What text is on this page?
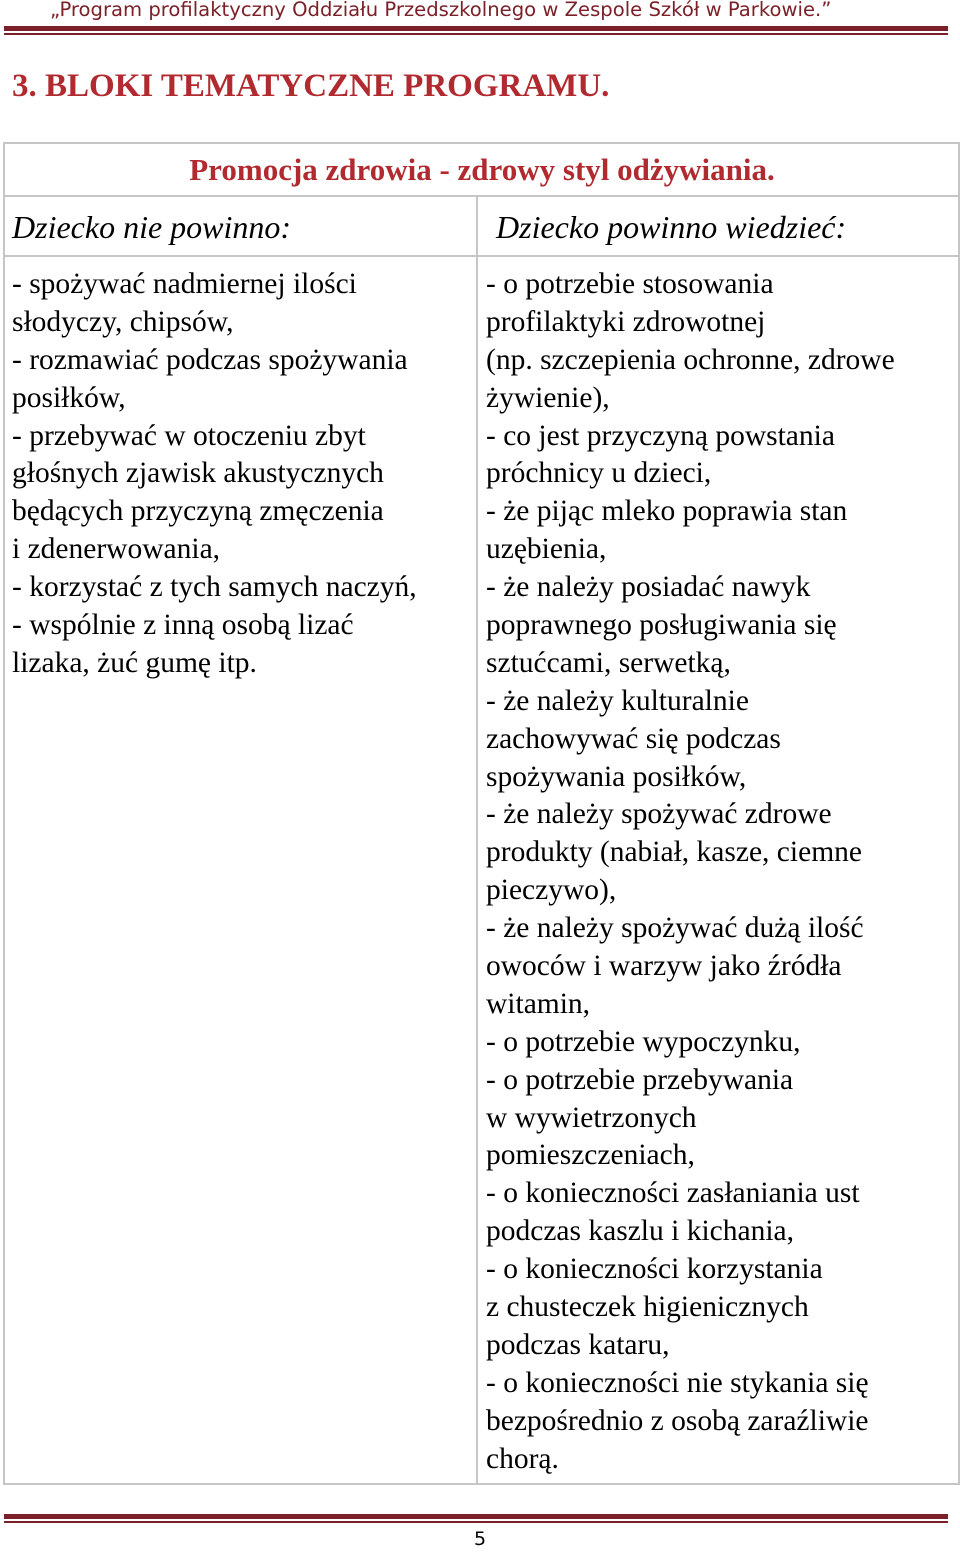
„Program profilaktyczny Oddziału Przedszkolnego w Zespole Szkół w Parkowie.”
3. BLOKI TEMATYCZNE PROGRAMU.
Promocja zdrowia - zdrowy styl odżywiania.
Dziecko nie powinno:	Dziecko powinno wiedzieć:
- spożywać nadmiernej ilości
słodyczy, chipsów,
- rozmawiać podczas spożywania
posiłków,
- przebywać w otoczeniu zbyt
głośnych zjawisk akustycznych
będących przyczyną zmęczenia
i zdenerwowania,
- korzystać z tych samych naczyń,
- wspólnie z inną osobą lizać
lizaka, żuć gumę itp.
- o potrzebie stosowania
profilaktyki zdrowotnej
(np. szczepienia ochronne, zdrowe
żywienie),
- co jest przyczyną powstania
próchnicy u dzieci,
- że pijąc mleko poprawia stan
uzębienia,
- że należy posiadać nawyk
poprawnego posługiwania się
sztućcami, serwetką,
- że należy kulturalnie
zachowywać się podczas
spożywania posiłków,
- że należy spożywać zdrowe
produkty (nabiał, kasze, ciemne
pieczywo),
- że należy spożywać dużą ilość
owoców i warzyw jako źródła
witamin,
- o potrzebie wypoczynku,
- o potrzebie przebywania
w wywietrzonych
pomieszczeniach,
- o konieczności zasłaniania ust
podczas kaszlu i kichania,
- o konieczności korzystania
z chusteczek higienicznych
podczas kataru,
- o konieczności nie stykania się
bezpośrednio z osobą zaraźliwie
chorą.
5
